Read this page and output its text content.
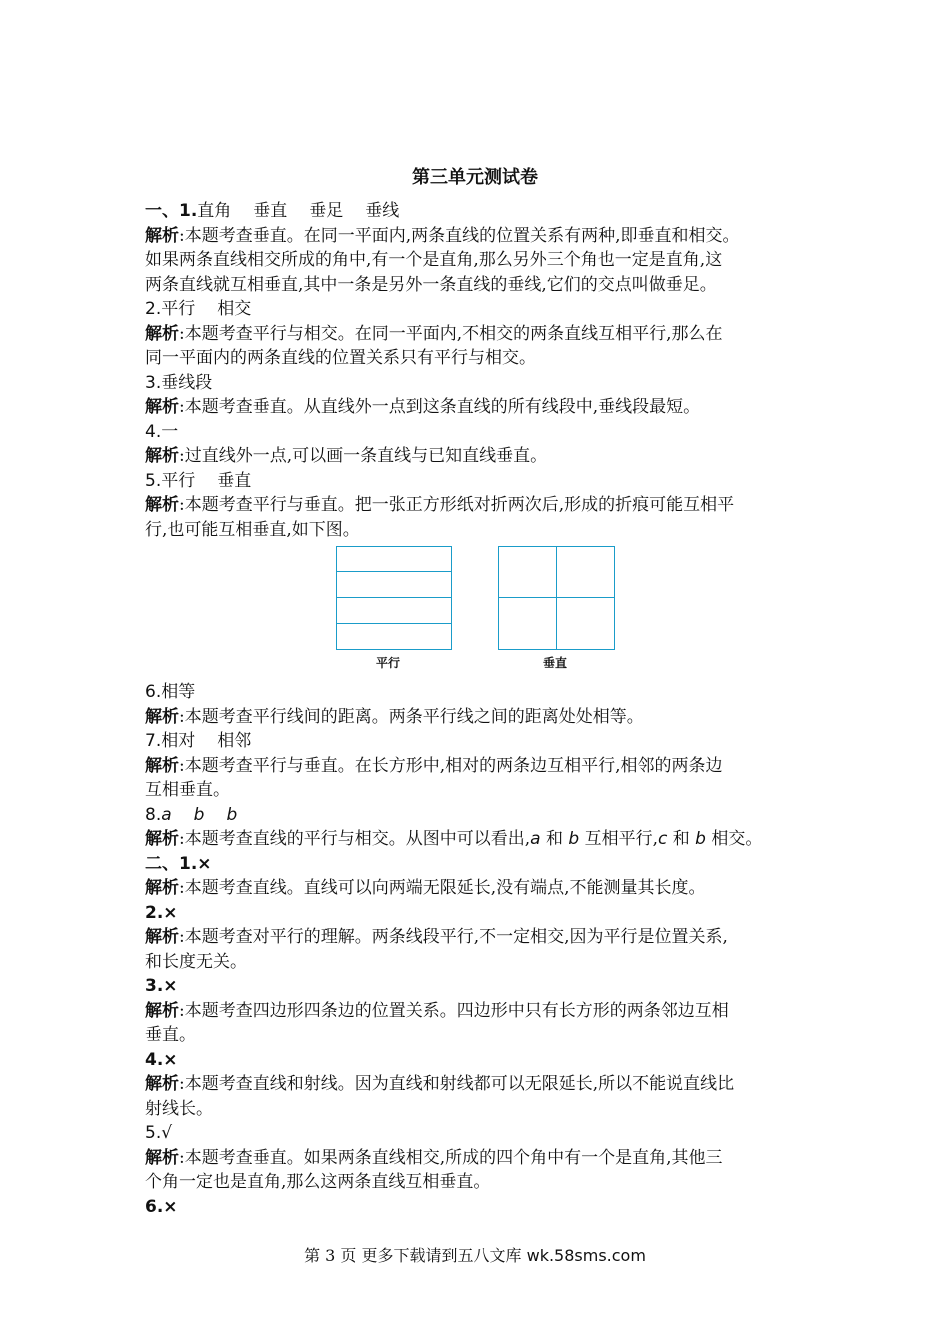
第三单元测试卷
一、1.直角 垂直 垂足 垂线
解析:本题考查垂直。在同一平面内,两条直线的位置关系有两种,即垂直和相交。
如果两条直线相交所成的角中,有一个是直角,那么另外三个角也一定是直角,这
两条直线就互相垂直,其中一条是另外一条直线的垂线,它们的交点叫做垂足。
2.平行 相交
解析:本题考查平行与相交。在同一平面内,不相交的两条直线互相平行,那么在
同一平面内的两条直线的位置关系只有平行与相交。
3.垂线段
解析:本题考查垂直。从直线外一点到这条直线的所有线段中,垂线段最短。
4.一
解析:过直线外一点,可以画一条直线与已知直线垂直。
5.平行 垂直
解析:本题考查平行与垂直。把一张正方形纸对折两次后,形成的折痕可能互相平
行,也可能互相垂直,如下图。
平行	垂直
6.相等
解析:本题考查平行线间的距离。两条平行线之间的距离处处相等。
7.相对 相邻
解析:本题考查平行与垂直。在长方形中,相对的两条边互相平行,相邻的两条边
互相垂直。
8.a b b
解析:本题考查直线的平行与相交。从图中可以看出,a 和 b 互相平行,c 和 b 相交。
二、1.×
解析:本题考查直线。直线可以向两端无限延长,没有端点,不能测量其长度。
2.×
解析:本题考查对平行的理解。两条线段平行,不一定相交,因为平行是位置关系,
和长度无关。
3.×
解析:本题考查四边形四条边的位置关系。四边形中只有长方形的两条邻边互相
垂直。
4.×
解析:本题考查直线和射线。因为直线和射线都可以无限延长,所以不能说直线比
射线长。
5.√
解析:本题考查垂直。如果两条直线相交,所成的四个角中有一个是直角,其他三
个角一定也是直角,那么这两条直线互相垂直。
6.×
第 3 页 更多下载请到五八文库 wk.58sms.com
